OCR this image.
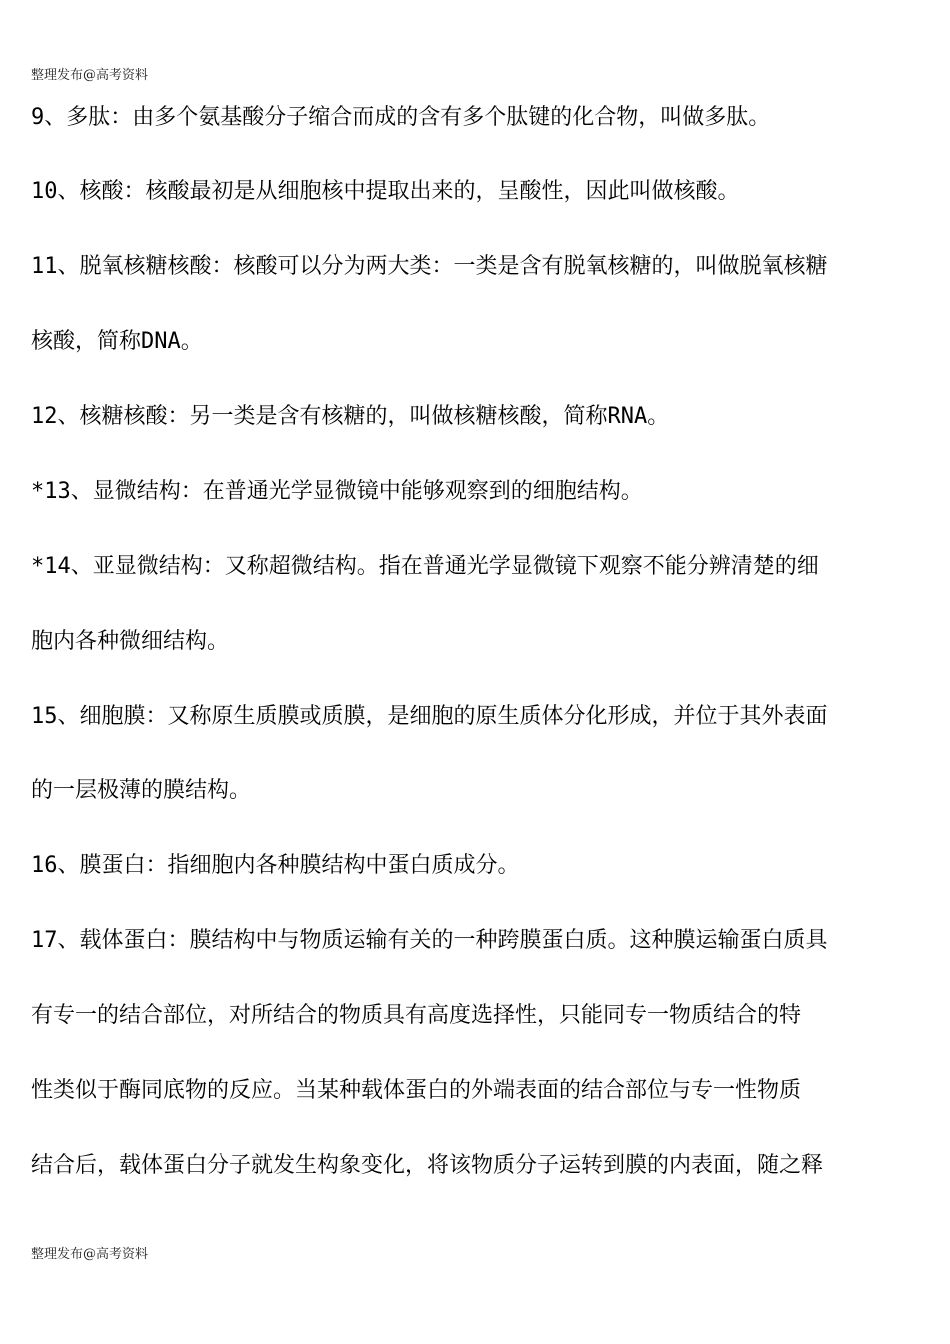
整理发布@高考资料
9、多肽：由多个氨基酸分子缩合而成的含有多个肽键的化合物，叫做多肽。
10、核酸：核酸最初是从细胞核中提取出来的，呈酸性，因此叫做核酸。
11、脱氧核糖核酸：核酸可以分为两大类：一类是含有脱氧核糖的，叫做脱氧核糖
核酸，简称DNA。
12、核糖核酸：另一类是含有核糖的，叫做核糖核酸，简称RNA。
*13、显微结构：在普通光学显微镜中能够观察到的细胞结构。
*14、亚显微结构：又称超微结构。指在普通光学显微镜下观察不能分辨清楚的细
胞内各种微细结构。
15、细胞膜：又称原生质膜或质膜，是细胞的原生质体分化形成，并位于其外表面
的一层极薄的膜结构。
16、膜蛋白：指细胞内各种膜结构中蛋白质成分。
17、载体蛋白：膜结构中与物质运输有关的一种跨膜蛋白质。这种膜运输蛋白质具
有专一的结合部位，对所结合的物质具有高度选择性，只能同专一物质结合的特
性类似于酶同底物的反应。当某种载体蛋白的外端表面的结合部位与专一性物质
结合后，载体蛋白分子就发生构象变化，将该物质分子运转到膜的内表面，随之释
整理发布@高考资料
